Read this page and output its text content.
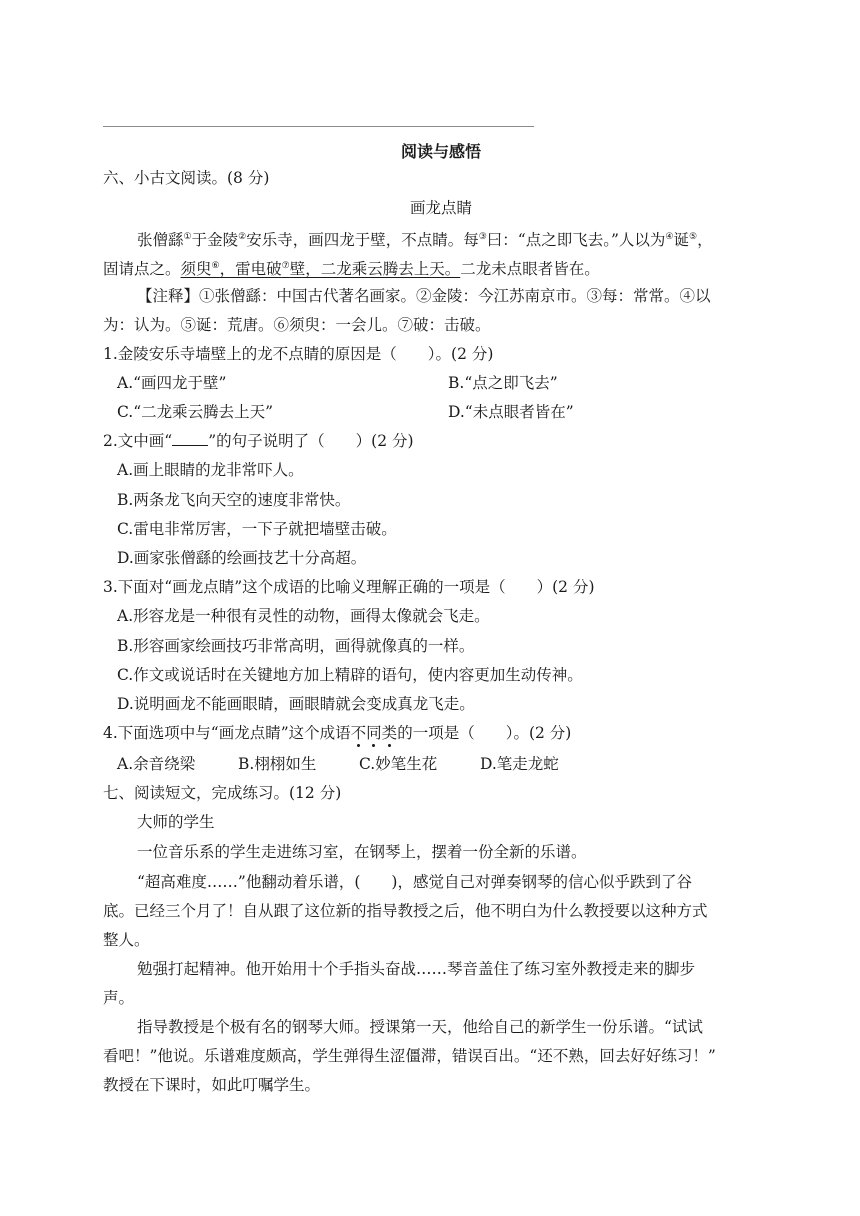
阅读与感悟
六、小古文阅读。(8 分)
画龙点睛
张僧繇①于金陵②安乐寺，画四龙于壁，不点睛。每③曰：“点之即飞去。”人以为④诞⑤，
固请点之。须臾⑥，雷电破⑦壁，二龙乘云腾去上天。二龙未点眼者皆在。
【注释】①张僧繇：中国古代著名画家。②金陵：今江苏南京市。③每：常常。④以
为：认为。⑤诞：荒唐。⑥须臾：一会儿。⑦破：击破。
1.金陵安乐寺墙壁上的龙不点睛的原因是（　　）。(2 分)
A.“画四龙于壁”	B.“点之即飞去”
C.“二龙乘云腾去上天”	D.“未点眼者皆在”
2.文中画“ ”的句子说明了（　　）(2 分)
A.画上眼睛的龙非常吓人。
B.两条龙飞向天空的速度非常快。
C.雷电非常厉害，一下子就把墙壁击破。
D.画家张僧繇的绘画技艺十分高超。
3.下面对“画龙点睛”这个成语的比喻义理解正确的一项是（　　）(2 分)
A.形容龙是一种很有灵性的动物，画得太像就会飞走。
B.形容画家绘画技巧非常高明，画得就像真的一样。
C.作文或说话时在关键地方加上精辟的语句，使内容更加生动传神。
D.说明画龙不能画眼睛，画眼睛就会变成真龙飞走。
4.下面选项中与“画龙点睛”这个成语不同类的一项是（　　）。(2 分)
A.余音绕梁	B.栩栩如生	C.妙笔生花	D.笔走龙蛇
七、阅读短文，完成练习。(12 分)
大师的学生
一位音乐系的学生走进练习室，在钢琴上，摆着一份全新的乐谱。
“超高难度……”他翻动着乐谱，(　　)，感觉自己对弹奏钢琴的信心似乎跌到了谷
底。已经三个月了！自从跟了这位新的指导教授之后，他不明白为什么教授要以这种方式
整人。
勉强打起精神。他开始用十个手指头奋战……琴音盖住了练习室外教授走来的脚步
声。
指导教授是个极有名的钢琴大师。授课第一天，他给自己的新学生一份乐谱。“试试
看吧！”他说。乐谱难度颇高，学生弹得生涩僵滞，错误百出。“还不熟，回去好好练习！”
教授在下课时，如此叮嘱学生。
